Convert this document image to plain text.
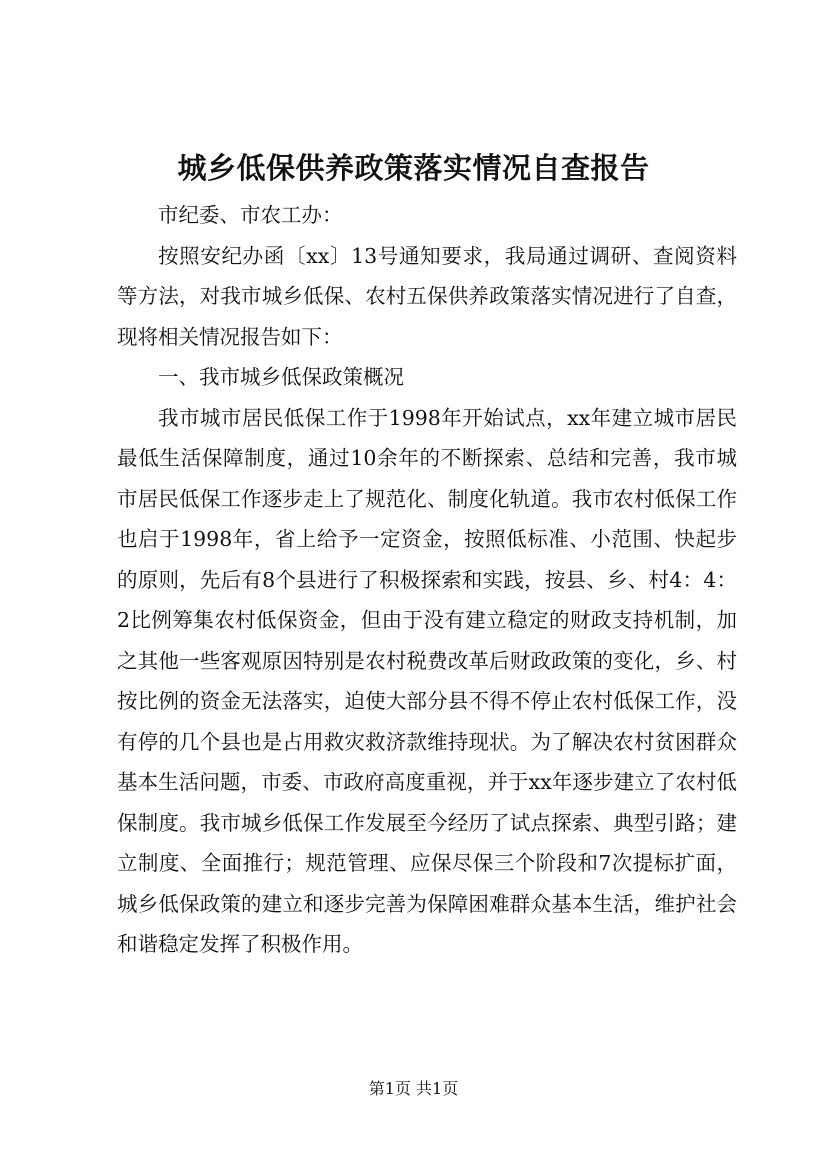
城乡低保供养政策落实情况自查报告

市纪委、市农工办：

按照安纪办函〔xx〕13号通知要求，我局通过调研、查阅资料等方法，对我市城乡低保、农村五保供养政策落实情况进行了自查，现将相关情况报告如下：

一、我市城乡低保政策概况

我市城市居民低保工作于1998年开始试点，xx年建立城市居民最低生活保障制度，通过10余年的不断探索、总结和完善，我市城市居民低保工作逐步走上了规范化、制度化轨道。我市农村低保工作也启于1998年，省上给予一定资金，按照低标准、小范围、快起步的原则，先后有8个县进行了积极探索和实践，按县、乡、村4：4：2比例筹集农村低保资金，但由于没有建立稳定的财政支持机制，加之其他一些客观原因特别是农村税费改革后财政政策的变化，乡、村按比例的资金无法落实，迫使大部分县不得不停止农村低保工作，没有停的几个县也是占用救灾救济款维持现状。为了解决农村贫困群众基本生活问题，市委、市政府高度重视，并于xx年逐步建立了农村低保制度。我市城乡低保工作发展至今经历了试点探索、典型引路；建立制度、全面推行；规范管理、应保尽保三个阶段和7次提标扩面，城乡低保政策的建立和逐步完善为保障困难群众基本生活，维护社会和谐稳定发挥了积极作用。

第1页 共1页
